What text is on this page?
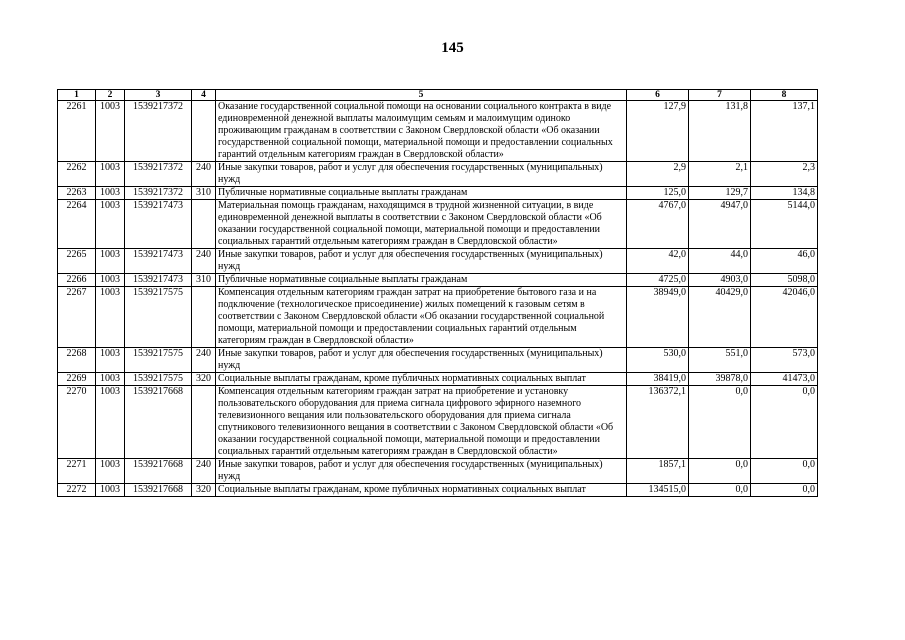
145
1	2	3	4	5	6	7	8
2261	1003	1539217372		Оказание государственной социальной помощи на основании социального контракта в виде единовременной денежной выплаты малоимущим семьям и малоимущим одиноко проживающим гражданам в соответствии с Законом Свердловской области «Об оказании государственной социальной помощи, материальной помощи и предоставлении социальных гарантий отдельным категориям граждан в Свердловской области»	127,9	131,8	137,1
2262	1003	1539217372	240	Иные закупки товаров, работ и услуг для обеспечения государственных (муниципальных) нужд	2,9	2,1	2,3
2263	1003	1539217372	310	Публичные нормативные социальные выплаты гражданам	125,0	129,7	134,8
2264	1003	1539217473		Материальная помощь гражданам, находящимся в трудной жизненной ситуации, в виде единовременной денежной выплаты в соответствии с Законом Свердловской области «Об оказании государственной социальной помощи, материальной помощи и предоставлении социальных гарантий отдельным категориям граждан в Свердловской области»	4767,0	4947,0	5144,0
2265	1003	1539217473	240	Иные закупки товаров, работ и услуг для обеспечения государственных (муниципальных) нужд	42,0	44,0	46,0
2266	1003	1539217473	310	Публичные нормативные социальные выплаты гражданам	4725,0	4903,0	5098,0
2267	1003	1539217575		Компенсация отдельным категориям граждан затрат на приобретение бытового газа и на подключение (технологическое присоединение) жилых помещений к газовым сетям в соответствии с Законом Свердловской области «Об оказании государственной социальной помощи, материальной помощи и предоставлении социальных гарантий отдельным категориям граждан в Свердловской области»	38949,0	40429,0	42046,0
2268	1003	1539217575	240	Иные закупки товаров, работ и услуг для обеспечения государственных (муниципальных) нужд	530,0	551,0	573,0
2269	1003	1539217575	320	Социальные выплаты гражданам, кроме публичных нормативных социальных выплат	38419,0	39878,0	41473,0
2270	1003	1539217668		Компенсация отдельным категориям граждан затрат на приобретение и установку пользовательского оборудования для приема сигнала цифрового эфирного наземного телевизионного вещания или пользовательского оборудования для приема сигнала спутникового телевизионного вещания в соответствии с Законом Свердловской области «Об оказании государственной социальной помощи, материальной помощи и предоставлении социальных гарантий отдельным категориям граждан в Свердловской области»	136372,1	0,0	0,0
2271	1003	1539217668	240	Иные закупки товаров, работ и услуг для обеспечения государственных (муниципальных) нужд	1857,1	0,0	0,0
2272	1003	1539217668	320	Социальные выплаты гражданам, кроме публичных нормативных социальных выплат	134515,0	0,0	0,0
